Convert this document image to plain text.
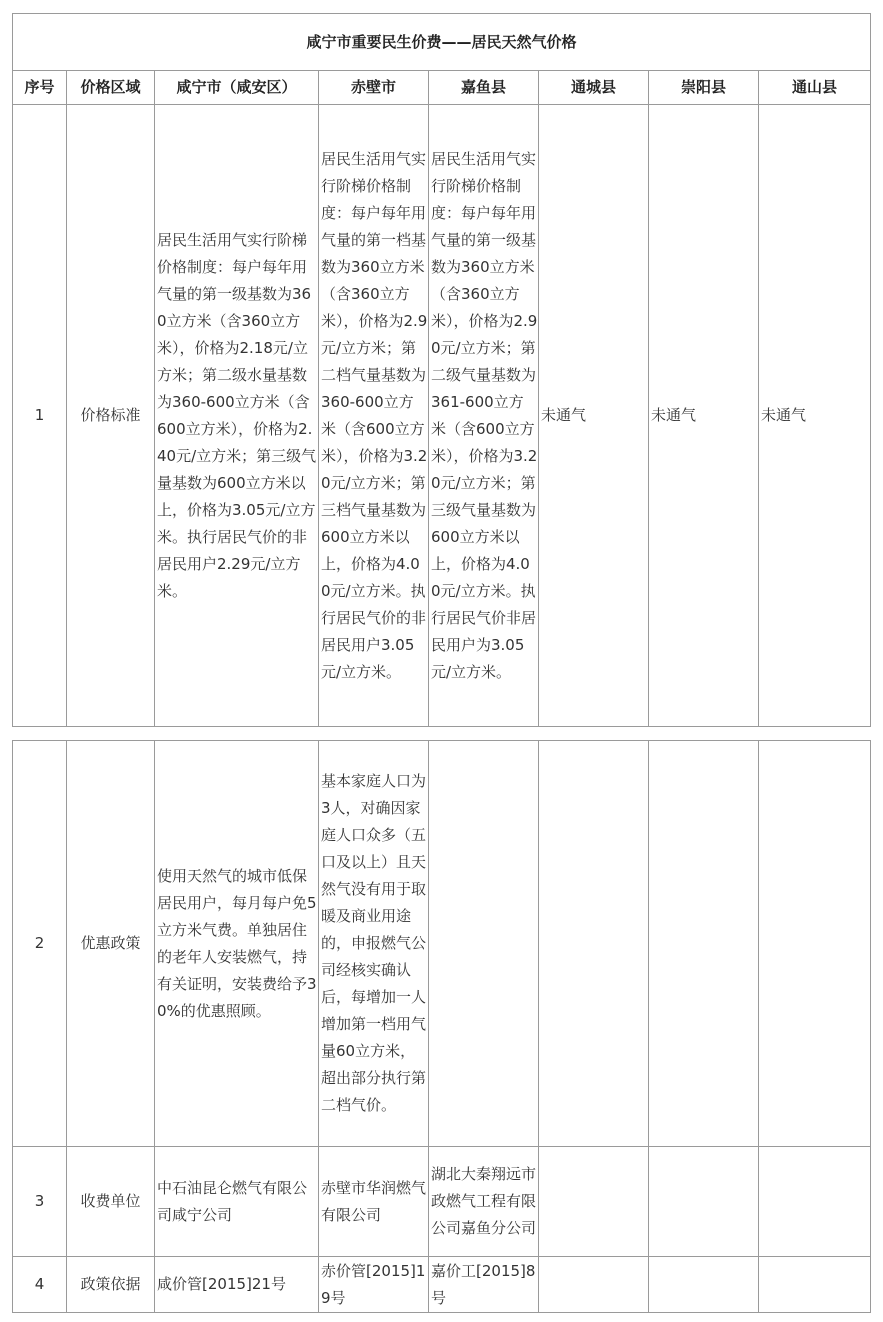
咸宁市重要民生价费——居民天然气价格							
序号	价格区域	咸宁市（咸安区）	赤壁市	嘉鱼县	通城县	崇阳县	通山县
1	价格标准	居民生活用气实行阶梯价格制度：每户每年用气量的第一级基数为360立方米（含360立方米），价格为2.18元/立方米；第二级水量基数为360-600立方米（含600立方米），价格为2.40元/立方米；第三级气量基数为600立方米以上，价格为3.05元/立方米。执行居民气价的非居民用户2.29元/立方米。	居民生活用气实行阶梯价格制度：每户每年用气量的第一档基数为360立方米（含360立方米），价格为2.9元/立方米；第二档气量基数为360-600立方米（含600立方米），价格为3.20元/立方米；第三档气量基数为600立方米以上，价格为4.00元/立方米。执行居民气价的非居民用户3.05元/立方米。	居民生活用气实行阶梯价格制度：每户每年用气量的第一级基数为360立方米（含360立方米），价格为2.90元/立方米；第二级气量基数为361-600立方米（含600立方米），价格为3.20元/立方米；第三级气量基数为600立方米以上，价格为4.00元/立方米。执行居民气价非居民用户为3.05元/立方米。	未通气	未通气	未通气
2	优惠政策	使用天然气的城市低保居民用户，每月每户免5立方米气费。单独居住的老年人安装燃气，持有关证明，安装费给予30%的优惠照顾。	基本家庭人口为3人，对确因家庭人口众多（五口及以上）且天然气没有用于取暖及商业用途的，申报燃气公司经核实确认后，每增加一人增加第一档用气量60立方米，超出部分执行第二档气价。				
3	收费单位	中石油昆仑燃气有限公司咸宁公司	赤壁市华润燃气有限公司	湖北大秦翔远市政燃气工程有限公司嘉鱼分公司			
4	政策依据	咸价管[2015]21号	赤价管[2015]19号	嘉价工[2015]8号			
